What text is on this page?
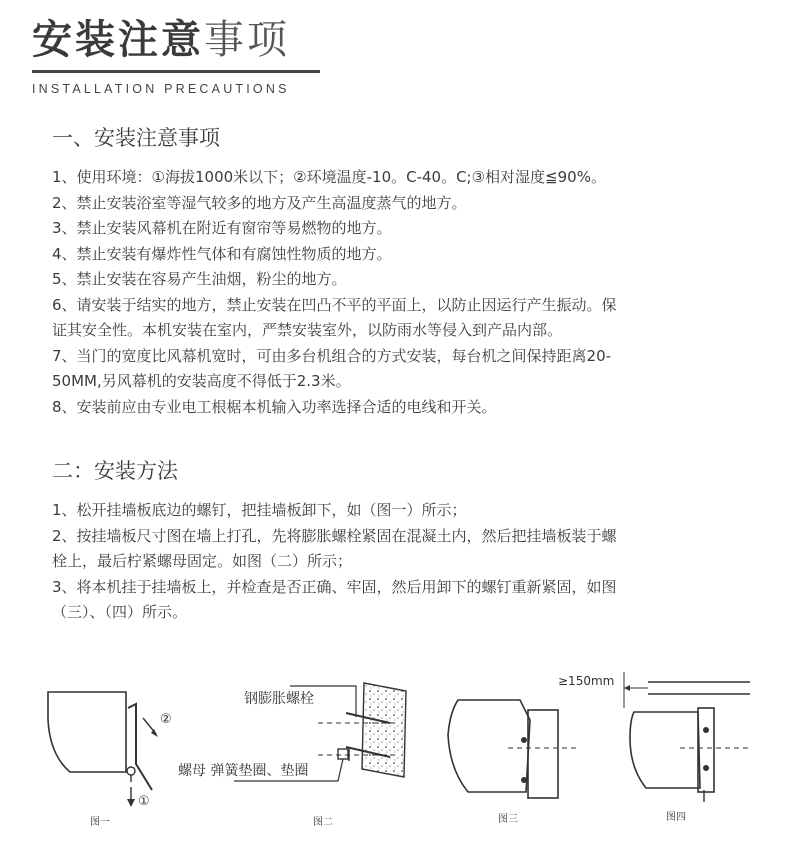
安装注意事项
INSTALLATION PRECAUTIONS
一、安装注意事项
1、使用环境：①海拔1000米以下；②环境温度-10。C-40。C;③相对湿度≦90%。
2、禁止安装浴室等湿气较多的地方及产生高温度蒸气的地方。
3、禁止安装风幕机在附近有窗帘等易燃物的地方。
4、禁止安装有爆炸性气体和有腐蚀性物质的地方。
5、禁止安装在容易产生油烟，粉尘的地方。
6、请安装于结实的地方，禁止安装在凹凸不平的平面上，以防止因运行产生振动。保
证其安全性。本机安装在室内，严禁安装室外，以防雨水等侵入到产品内部。
7、当门的宽度比风幕机宽时，可由多台机组合的方式安装，每台机之间保持距离20-
50MM,另风幕机的安装高度不得低于2.3米。
8、安装前应由专业电工根椐本机输入功率选择合适的电线和开关。
二：安装方法
1、松开挂墙板底边的螺钉，把挂墙板卸下，如（图一）所示；
2、按挂墙板尺寸图在墙上打孔，先将膨胀螺栓紧固在混凝土内，然后把挂墙板装于螺
栓上，最后柠紧螺母固定。如图（二）所示；
3、将本机挂于挂墙板上，并检查是否正确、牢固，然后用卸下的螺钉重新紧固，如图
（三）、（四）所示。
②
①
图一
钢膨胀螺栓
螺母 弹簧垫圈、垫圈
图二	图三
≥150mm
图四
